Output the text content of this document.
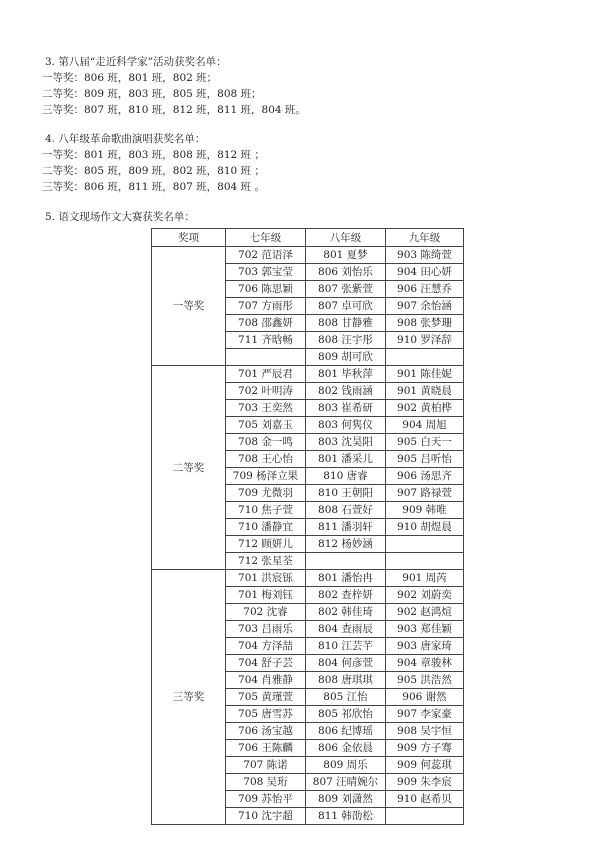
3. 第八届“走近科学家”活动获奖名单：
一等奖：806 班，801 班，802 班；
二等奖：809 班，803 班，805 班，808 班；
三等奖：807 班，810 班，812 班，811 班，804 班。
4. 八年级革命歌曲演唱获奖名单：
一等奖：801 班，803 班，808 班，812 班 ；
二等奖：805 班，809 班，802 班，810 班 ；
三等奖：806 班，811 班，807 班，804 班 。
5. 语文现场作文大赛获奖名单：
奖项	七年级	八年级	九年级
一等奖	702 范语泽	801 夏梦	903 陈绮萱
	703 郭宝莹	806 刘怡乐	904 田心妍
	706 陈思颖	807 张紫萱	906 汪慧乔
	707 方雨彤	807 卓可欣	907 余怡涵
	708 邵鑫妍	808 甘静雅	908 张梦珊
	711 齐晗畅	808 汪宇彤	910 罗泽辞
		809 胡可欣	
二等奖	701 严辰君	801 毕秋萍	901 陈佳妮
	702 叶明涛	802 钱雨涵	901 黄晓晨
	703 王奕然	803 崔希研	902 黄柏桦
	705 刘嘉玉	803 何隽仪	904 周旭
	708 金一鸣	803 沈昊阳	905 白天一
	708 王心怡	801 潘采儿	905 吕听怡
	709 杨泽立果	810 唐睿	906 汤思齐
	709 尤微羽	810 王朝阳	907 路禄萱
	710 焦子萱	808 石萱好	909 韩唯
	710 潘静宜	811 潘羽轩	910 胡煜晨
	712 顾妍儿	812 杨妙涵	
	712 张星荃		
三等奖	701 洪宸铄	801 潘怡冉	901 周芮
	701 梅刘钰	802 查梓妍	902 刘蔚奕
	702 沈睿	802 韩佳琦	902 赵鸿煊
	703 吕雨乐	804 查雨辰	903 郑佳颖
	704 方泽喆	810 江芸芊	903 唐家琦
	704 舒子芸	804 何彦萱	904 章骏林
	704 肖雅静	808 唐琪琪	905 洪浩然
	705 黄瑾萱	805 江怡	906 谢然
	705 唐雪苏	805 祁欣怡	907 李家豪
	706 汤宝越	806 纪博瑶	908 吴宇恒
	706 王陈麟	806 金依晨	909 方子骞
	707 陈诺	809 周乐	909 何蕊琪
	708 吴珩	807 汪晴婉尔	909 朱李宸
	709 苏怡平	809 刘潇然	910 赵希贝
	710 沈宇超	811 韩劭松	
